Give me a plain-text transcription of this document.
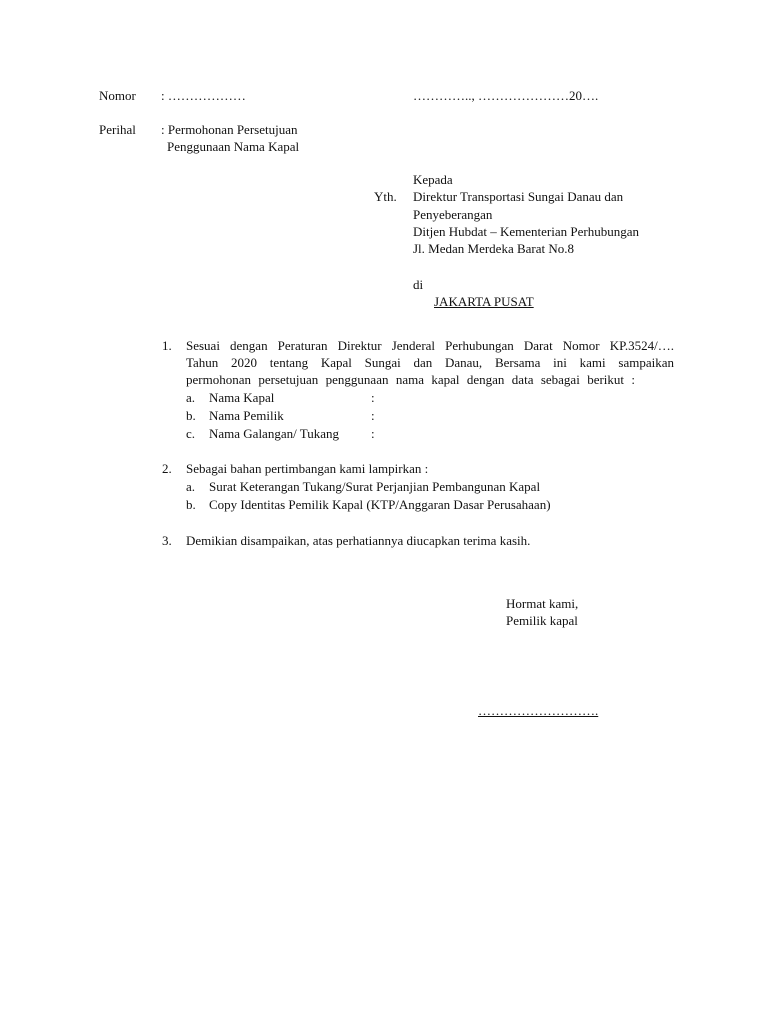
Nomor : ………………	………….., …………………20….
Perihal : Permohonan Persetujuan
Penggunaan Nama Kapal
Kepada
Yth. Direktur Transportasi Sungai Danau dan
Penyeberangan
Ditjen Hubdat – Kementerian Perhubungan
Jl. Medan Merdeka Barat No.8
di
JAKARTA PUSAT
1. Sesuai dengan Peraturan Direktur Jenderal Perhubungan Darat Nomor KP.3524/….
Tahun 2020 tentang Kapal Sungai dan Danau, Bersama ini kami sampaikan
permohonan persetujuan penggunaan nama kapal dengan data sebagai berikut :
a. Nama Kapal	:
b. Nama Pemilik	:
c. Nama Galangan/ Tukang :
2. Sebagai bahan pertimbangan kami lampirkan :
a. Surat Keterangan Tukang/Surat Perjanjian Pembangunan Kapal
b. Copy Identitas Pemilik Kapal (KTP/Anggaran Dasar Perusahaan)
3. Demikian disampaikan, atas perhatiannya diucapkan terima kasih.
Hormat kami,
Pemilik kapal
……………………….
